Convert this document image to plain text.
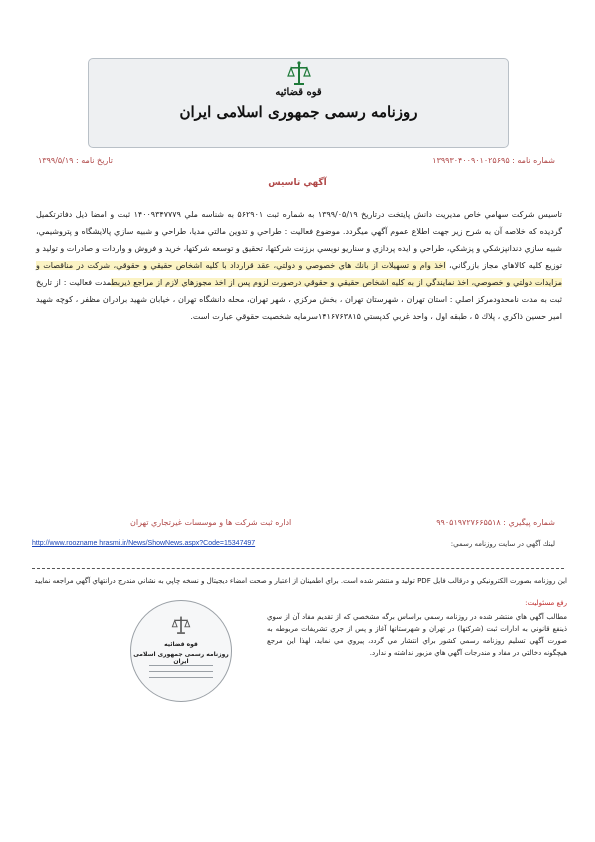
قوه قضائیه
روزنامه رسمی جمهوری اسلامی ایران
شماره نامه : ۱۳۹۹۳۰۴۰۰۹۰۱۰۲۵۶۹۵
تاریخ نامه : ۱۳۹۹/۵/۱۹
آگهي تاسيس
تاسيس شركت سهامي خاص مديريت دانش پايتخت درتاريخ ۱۳۹۹/۰۵/۱۹ به شماره ثبت ۵۶۲۹۰۱ به شناسه ملي ۱۴۰۰۹۳۴۷۷۷۹ ثبت و امضا ذيل دفاترتكميل گرديده كه خلاصه آن به شرح زير جهت اطلاع عموم آگهي ميگردد. موضوع فعاليت : طراحي و تدوين مالتي مديا، طراحي و شبيه سازي پالايشگاه و پتروشيمي، شبيه سازي دندانپزشكي و پزشكي، طراحي و ايده پردازي و سناريو نويسي برزنت شركتها، تحقيق و توسعه شركتها، خريد و فروش و واردات و صادرات و توليد و توزيع كليه كالاهاي مجاز بازرگاني، اخذ وام و تسهيلات از بانك هاي خصوصي و دولتي، عقد قرارداد با كليه اشخاص حقيقي و حقوقي، شركت در مناقصات و مزايدات دولتي و خصوصي، اخذ نمايندگي از به كليه اشخاص حقيقي و حقوقي درصورت لزوم پس از اخذ مجوزهاي لازم از مراجع ذيربطمدت فعاليت : از تاريخ ثبت به مدت نامحدودمركز اصلي : استان تهران ، شهرستان تهران ، بخش مركزي ، شهر تهران، محله دانشگاه تهران ، خيابان شهيد برادران مظفر ، كوچه شهيد امير حسين ذاكري ، پلاك ۵ ، طبقه اول ، واحد غربي كدپستي ۱۴۱۶۷۶۳۸۱۵سرمايه شخصيت حقوقي عبارت است.
شماره پيگيري : ۹۹۰۵۱۹۷۲۷۶۶۵۵۱۸
اداره ثبت شركت ها و موسسات غيرتجاري تهران
لينك آگهي در سايت روزنامه رسمي:
http://www.roozname hrasmi.ir/News/ShowNews.aspx?Code=15347497
اين روزنامه بصورت الكترونيكي و درقالب فايل PDF توليد و منتشر شده است. براي اطمينان از اعتبار و صحت امضاء ديجيتال و نسخه چاپي به نشاني مندرج درانتهاي آگهي مراجعه نماييد
رفع مسئوليت:
مطالب آگهي هاي منتشر شده در روزنامه رسمي براساس برگه مشخصي كه از تقديم مفاد آن از سوي ذينفع قانوني به ادارات ثبت (شركتها) در تهران و شهرستانها آغاز و پس از جري تشريفات مربوطه به صورت آگهي تسليم روزنامه رسمي كشور براي انتشار مي گردد، پيروي مي نمايد، لهذا اين مرجع هيچگونه دخالتي در مفاد و مندرجات آگهي هاي مزبور نداشته و ندارد.
قوه قضائیه
روزنامه رسمی جمهوری اسلامی ایران
